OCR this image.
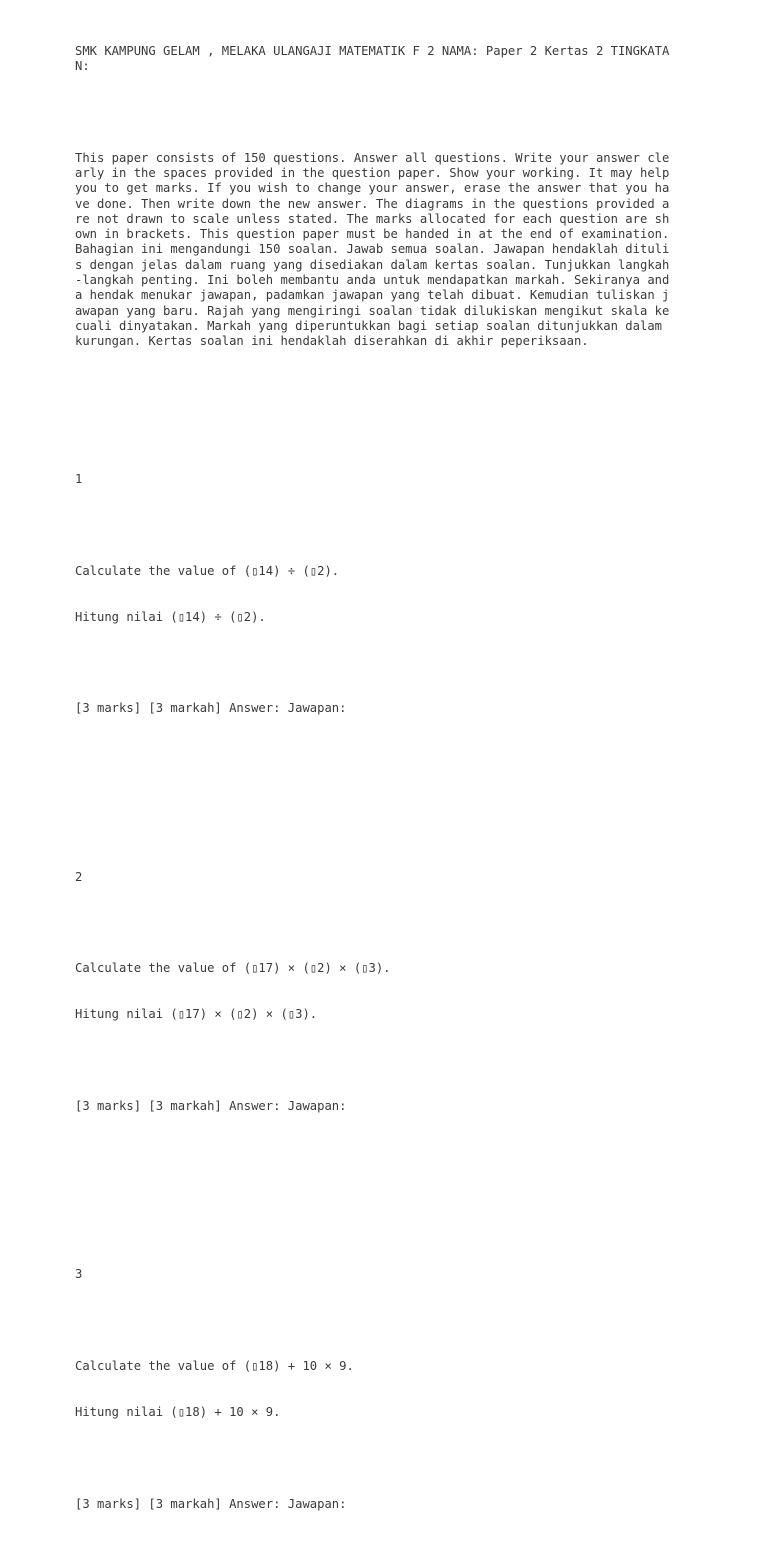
SMK KAMPUNG GELAM , MELAKA ULANGAJI MATEMATIK F 2 NAMA: Paper 2 Kertas 2 TINGKATAN:

This paper consists of 150 questions. Answer all questions. Write your answer clearly in the spaces provided in the question paper. Show your working. It may help you to get marks. If you wish to change your answer, erase the answer that you have done. Then write down the new answer. The diagrams in the questions provided are not drawn to scale unless stated. The marks allocated for each question are shown in brackets. This question paper must be handed in at the end of examination. Bahagian ini mengandungi 150 soalan. Jawab semua soalan. Jawapan hendaklah ditulis dengan jelas dalam ruang yang disediakan dalam kertas soalan. Tunjukkan langkah-langkah penting. Ini boleh membantu anda untuk mendapatkan markah. Sekiranya anda hendak menukar jawapan, padamkan jawapan yang telah dibuat. Kemudian tuliskan jawapan yang baru. Rajah yang mengiringi soalan tidak dilukiskan mengikut skala kecuali dinyatakan. Markah yang diperuntukkan bagi setiap soalan ditunjukkan dalam kurungan. Kertas soalan ini hendaklah diserahkan di akhir peperiksaan.

1

Calculate the value of (▯14) ÷ (▯2).

Hitung nilai (▯14) ÷ (▯2).

[3 marks] [3 markah] Answer: Jawapan:

2

Calculate the value of (▯17) × (▯2) × (▯3).

Hitung nilai (▯17) × (▯2) × (▯3).

[3 marks] [3 markah] Answer: Jawapan:

3

Calculate the value of (▯18) + 10 × 9.

Hitung nilai (▯18) + 10 × 9.

[3 marks] [3 markah] Answer: Jawapan:
